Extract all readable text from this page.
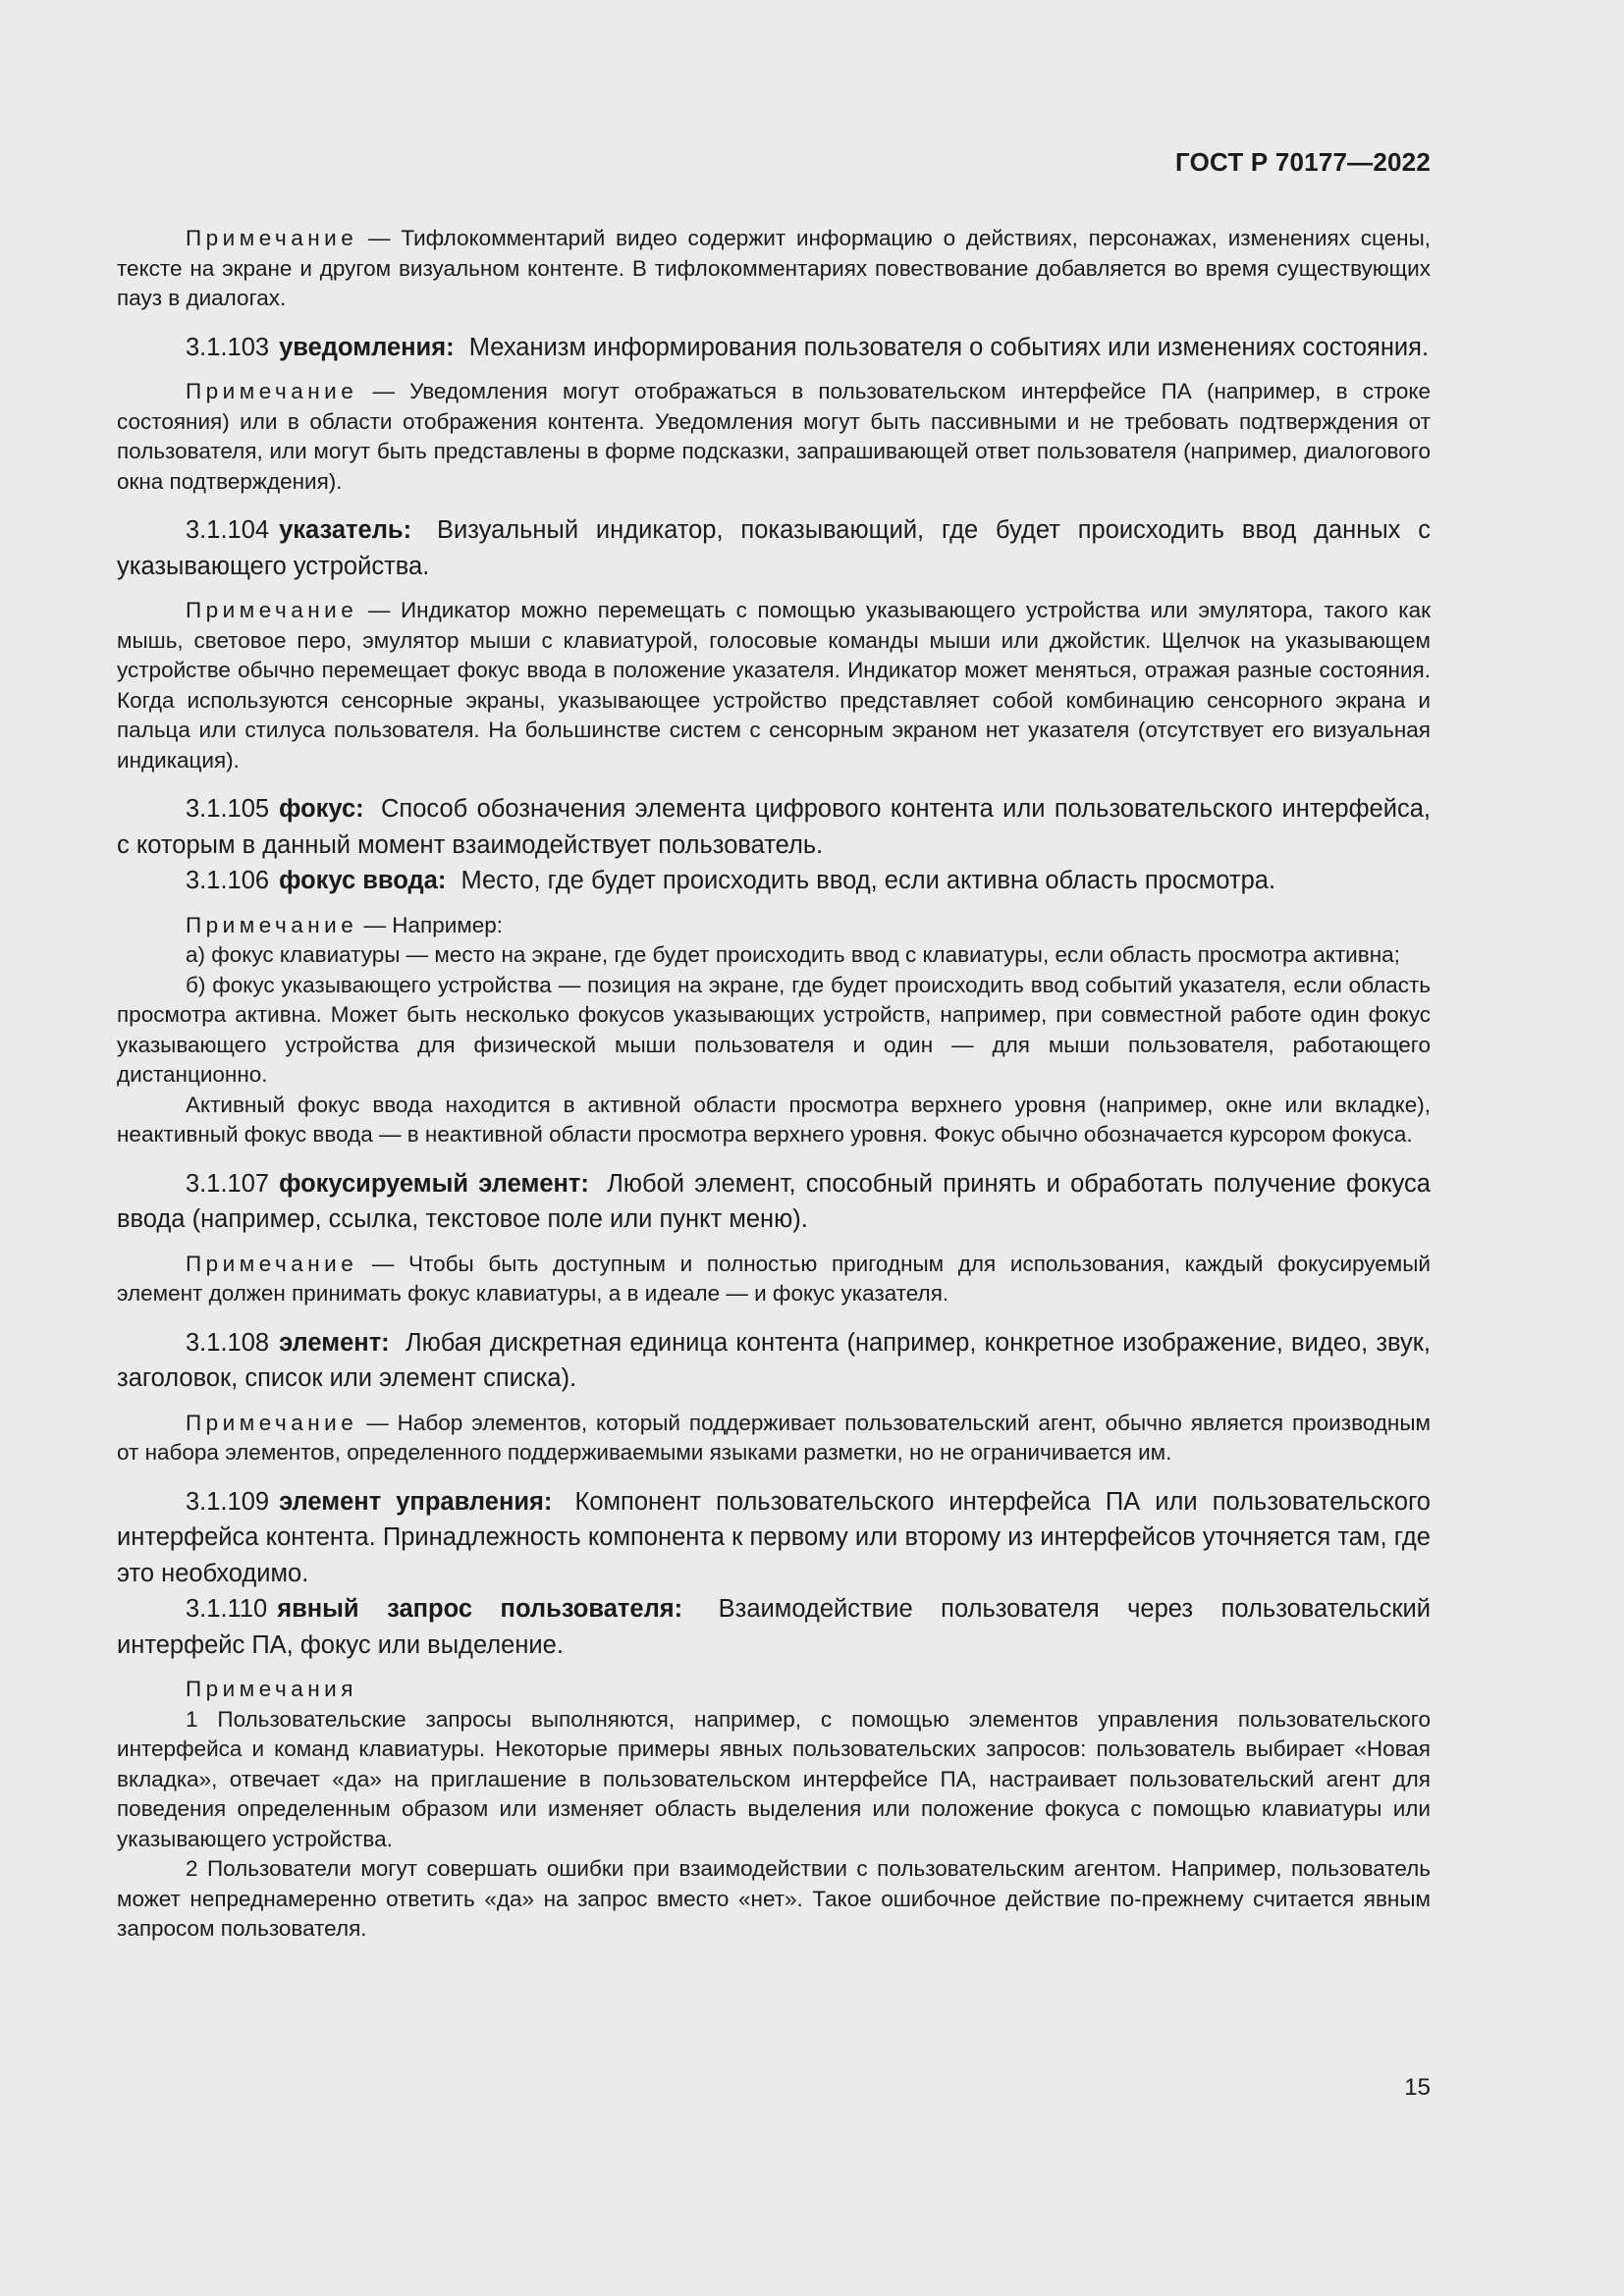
ГОСТ Р 70177—2022

Примечание — Тифлокомментарий видео содержит информацию о действиях, персонажах, изменениях сцены, тексте на экране и другом визуальном контенте. В тифлокомментариях повествование добавляется во время существующих пауз в диалогах.

3.1.103 уведомления: Механизм информирования пользователя о событиях или изменениях состояния.

Примечание — Уведомления могут отображаться в пользовательском интерфейсе ПА (например, в строке состояния) или в области отображения контента. Уведомления могут быть пассивными и не требовать подтверждения от пользователя, или могут быть представлены в форме подсказки, запрашивающей ответ пользователя (например, диалогового окна подтверждения).

3.1.104 указатель: Визуальный индикатор, показывающий, где будет происходить ввод данных с указывающего устройства.

Примечание — Индикатор можно перемещать с помощью указывающего устройства или эмулятора, такого как мышь, световое перо, эмулятор мыши с клавиатурой, голосовые команды мыши или джойстик. Щелчок на указывающем устройстве обычно перемещает фокус ввода в положение указателя. Индикатор может меняться, отражая разные состояния. Когда используются сенсорные экраны, указывающее устройство представляет собой комбинацию сенсорного экрана и пальца или стилуса пользователя. На большинстве систем с сенсорным экраном нет указателя (отсутствует его визуальная индикация).

3.1.105 фокус: Способ обозначения элемента цифрового контента или пользовательского интерфейса, с которым в данный момент взаимодействует пользователь.

3.1.106 фокус ввода: Место, где будет происходить ввод, если активна область просмотра.

Примечание — Например:

а) фокус клавиатуры — место на экране, где будет происходить ввод с клавиатуры, если область просмотра активна;

б) фокус указывающего устройства — позиция на экране, где будет происходить ввод событий указателя, если область просмотра активна. Может быть несколько фокусов указывающих устройств, например, при совместной работе один фокус указывающего устройства для физической мыши пользователя и один — для мыши пользователя, работающего дистанционно.

Активный фокус ввода находится в активной области просмотра верхнего уровня (например, окне или вкладке), неактивный фокус ввода — в неактивной области просмотра верхнего уровня. Фокус обычно обозначается курсором фокуса.

3.1.107 фокусируемый элемент: Любой элемент, способный принять и обработать получение фокуса ввода (например, ссылка, текстовое поле или пункт меню).

Примечание — Чтобы быть доступным и полностью пригодным для использования, каждый фокусируемый элемент должен принимать фокус клавиатуры, а в идеале — и фокус указателя.

3.1.108 элемент: Любая дискретная единица контента (например, конкретное изображение, видео, звук, заголовок, список или элемент списка).

Примечание — Набор элементов, который поддерживает пользовательский агент, обычно является производным от набора элементов, определенного поддерживаемыми языками разметки, но не ограничивается им.

3.1.109 элемент управления: Компонент пользовательского интерфейса ПА или пользовательского интерфейса контента. Принадлежность компонента к первому или второму из интерфейсов уточняется там, где это необходимо.

3.1.110 явный запрос пользователя: Взаимодействие пользователя через пользовательский интерфейс ПА, фокус или выделение.

Примечания

1 Пользовательские запросы выполняются, например, с помощью элементов управления пользовательского интерфейса и команд клавиатуры. Некоторые примеры явных пользовательских запросов: пользователь выбирает «Новая вкладка», отвечает «да» на приглашение в пользовательском интерфейсе ПА, настраивает пользовательский агент для поведения определенным образом или изменяет область выделения или положение фокуса с помощью клавиатуры или указывающего устройства.

2 Пользователи могут совершать ошибки при взаимодействии с пользовательским агентом. Например, пользователь может непреднамеренно ответить «да» на запрос вместо «нет». Такое ошибочное действие по-прежнему считается явным запросом пользователя.

15
